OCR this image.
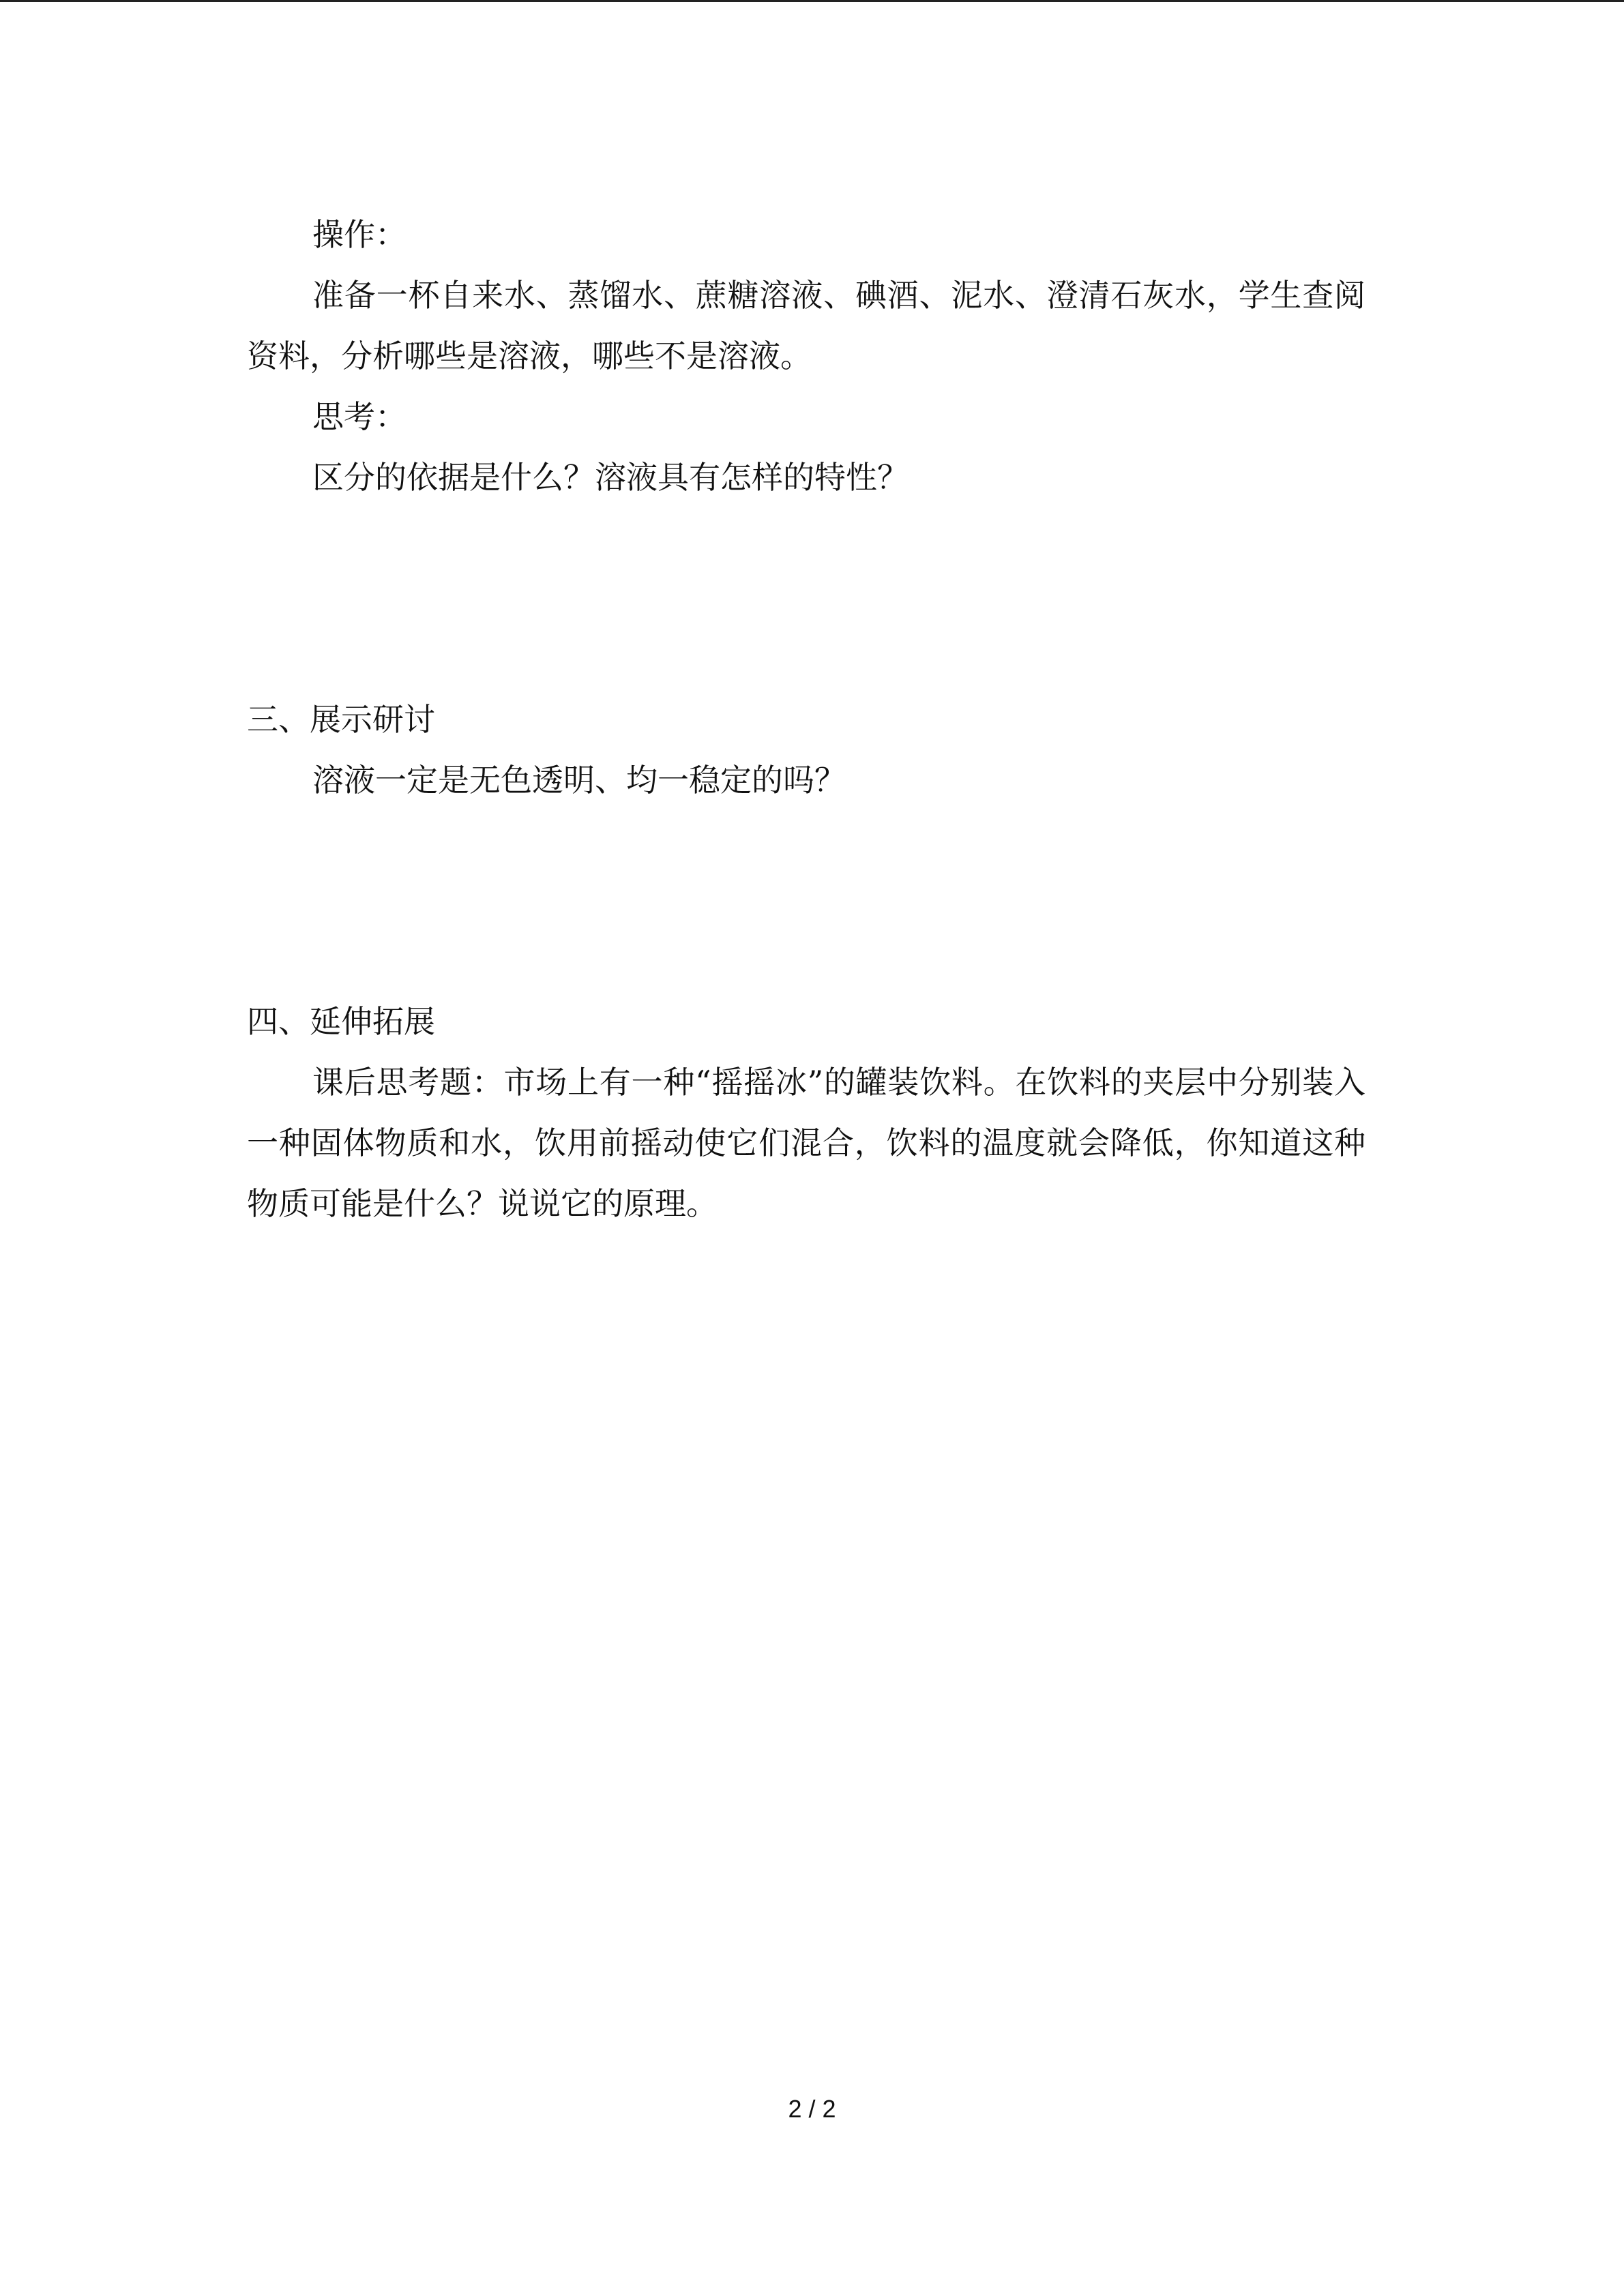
操作：

准备一杯自来水、蒸馏水、蔗糖溶液、碘酒、泥水、澄清石灰水，学生查阅资料，分析哪些是溶液，哪些不是溶液。

思考：

区分的依据是什么？溶液具有怎样的特性？

三、展示研讨

溶液一定是无色透明、均一稳定的吗？

四、延伸拓展

课后思考题：市场上有一种“摇摇冰”的罐装饮料。在饮料的夹层中分别装入一种固体物质和水，饮用前摇动使它们混合，饮料的温度就会降低，你知道这种物质可能是什么？说说它的原理。

2 / 2
